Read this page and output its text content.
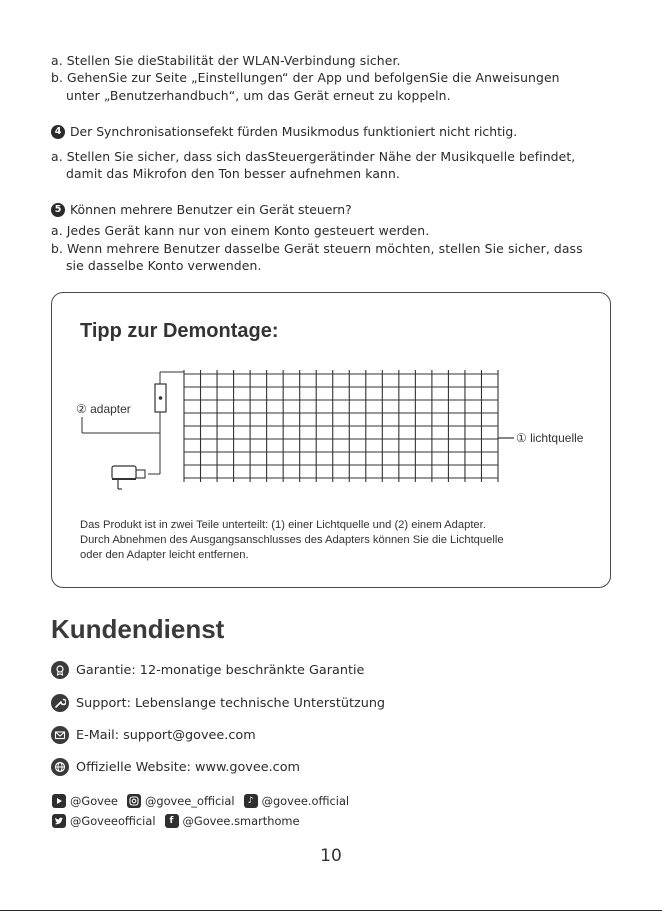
a. Stellen Sie dieStabilität der WLAN-Verbindung sicher.
b. GehenSie zur Seite „Einstellungen“ der App und befolgenSie die Anweisungen
unter „Benutzerhandbuch“, um das Gerät erneut zu koppeln.
4 Der Synchronisationsefekt fürden Musikmodus funktioniert nicht richtig.
a. Stellen Sie sicher, dass sich dasSteuergerätinder Nähe der Musikquelle befindet,
damit das Mikrofon den Ton besser aufnehmen kann.
5 Können mehrere Benutzer ein Gerät steuern?
a. Jedes Gerät kann nur von einem Konto gesteuert werden.
b. Wenn mehrere Benutzer dasselbe Gerät steuern möchten, stellen Sie sicher, dass
sie dasselbe Konto verwenden.
Tipp zur Demontage:
② adapter
① lichtquelle
Das Produkt ist in zwei Teile unterteilt: (1) einer Lichtquelle und (2) einem Adapter.
Durch Abnehmen des Ausgangsanschlusses des Adapters können Sie die Lichtquelle
oder den Adapter leicht entfernen.
Kundendienst
Garantie: 12-monatige beschränkte Garantie
Support: Lebenslange technische Unterstützung
E-Mail: support@govee.com
Offizielle Website: www.govee.com
@Govee @govee_official	♪ @govee.official
@Goveeofficial	f @Govee.smarthome
10
